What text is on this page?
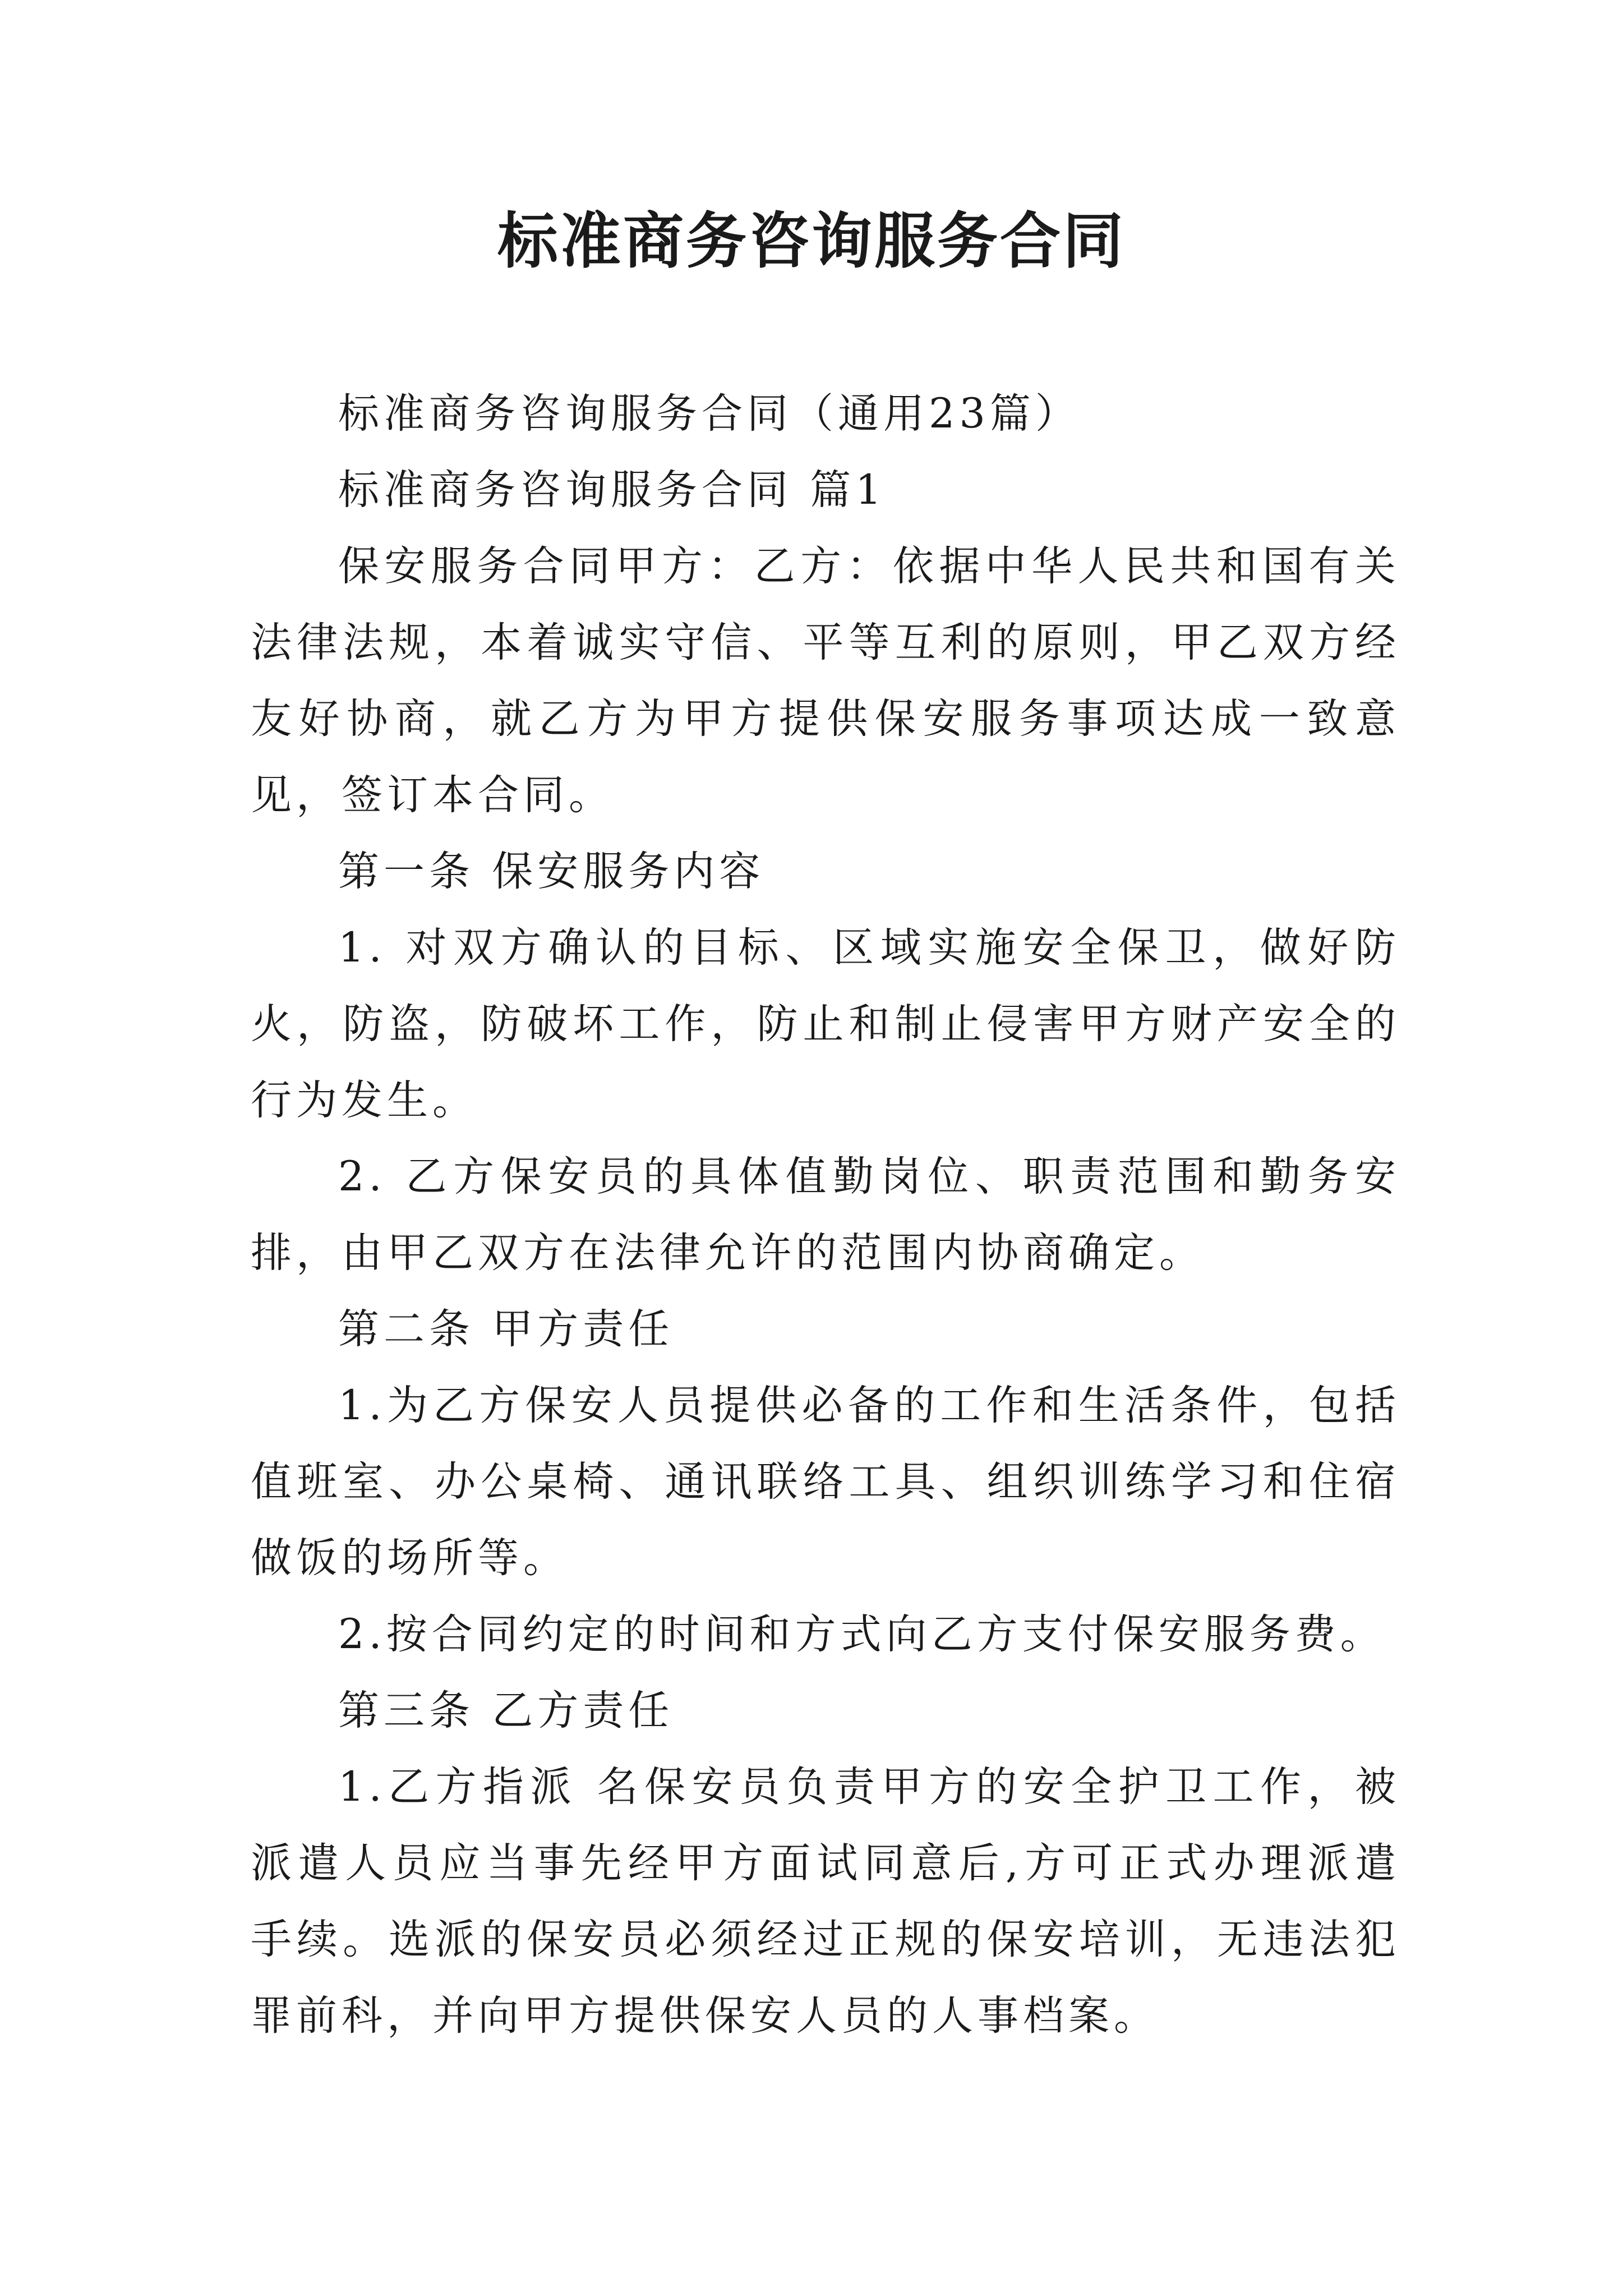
标准商务咨询服务合同

标准商务咨询服务合同（通用23篇）

标准商务咨询服务合同 篇1

保安服务合同甲方：乙方：依据中华人民共和国有关法律法规，本着诚实守信、平等互利的原则，甲乙双方经友好协商，就乙方为甲方提供保安服务事项达成一致意见，签订本合同。

第一条 保安服务内容

1. 对双方确认的目标、区域实施安全保卫，做好防火，防盗，防破坏工作，防止和制止侵害甲方财产安全的行为发生。

2. 乙方保安员的具体值勤岗位、职责范围和勤务安排，由甲乙双方在法律允许的范围内协商确定。

第二条 甲方责任

1.为乙方保安人员提供必备的工作和生活条件，包括值班室、办公桌椅、通讯联络工具、组织训练学习和住宿做饭的场所等。

2.按合同约定的时间和方式向乙方支付保安服务费。

第三条 乙方责任

1.乙方指派 名保安员负责甲方的安全护卫工作，被派遣人员应当事先经甲方面试同意后,方可正式办理派遣手续。选派的保安员必须经过正规的保安培训，无违法犯罪前科，并向甲方提供保安人员的人事档案。
